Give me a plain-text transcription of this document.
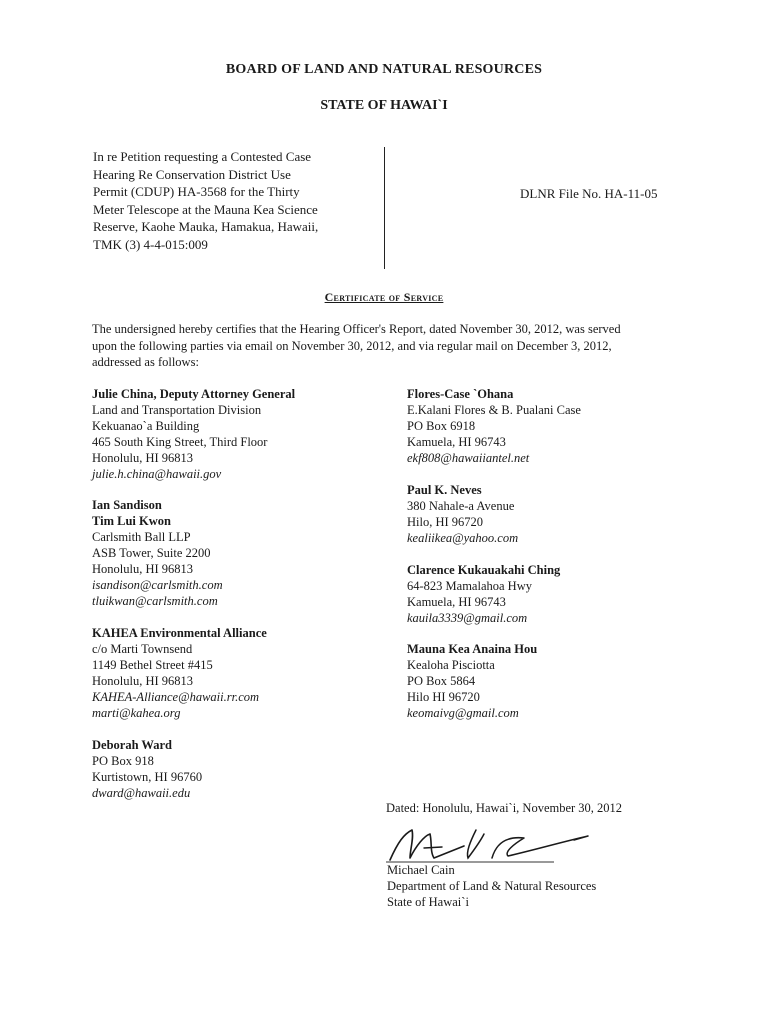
BOARD OF LAND AND NATURAL RESOURCES
STATE OF HAWAI`I
In re Petition requesting a Contested Case
Hearing Re Conservation District Use
Permit (CDUP) HA-3568 for the Thirty
Meter Telescope at the Mauna Kea Science
Reserve, Kaohe Mauka, Hamakua, Hawaii,
TMK (3) 4-4-015:009
DLNR File No. HA-11-05
Certificate of Service
The undersigned hereby certifies that the Hearing Officer's Report, dated November 30, 2012, was served
upon the following parties via email on November 30, 2012, and via regular mail on December 3, 2012,
addressed as follows:
Julie China, Deputy Attorney General
Land and Transportation Division
Kekuanao`a Building
465 South King Street, Third Floor
Honolulu, HI 96813
julie.h.china@hawaii.gov
Ian Sandison
Tim Lui Kwon
Carlsmith Ball LLP
ASB Tower, Suite 2200
Honolulu, HI 96813
isandison@carlsmith.com
tluikwan@carlsmith.com
KAHEA Environmental Alliance
c/o Marti Townsend
1149 Bethel Street #415
Honolulu, HI 96813
KAHEA-Alliance@hawaii.rr.com
marti@kahea.org
Deborah Ward
PO Box 918
Kurtistown, HI 96760
dward@hawaii.edu
Flores-Case `Ohana
E.Kalani Flores & B. Pualani Case
PO Box 6918
Kamuela, HI 96743
ekf808@hawaiiantel.net
Paul K. Neves
380 Nahale-a Avenue
Hilo, HI 96720
kealiikea@yahoo.com
Clarence Kukauakahi Ching
64-823 Mamalahoa Hwy
Kamuela, HI 96743
kauila3339@gmail.com
Mauna Kea Anaina Hou
Kealoha Pisciotta
PO Box 5864
Hilo HI 96720
keomaivg@gmail.com
Dated: Honolulu, Hawai`i, November 30, 2012
Michael Cain
Department of Land & Natural Resources
State of Hawai`i
